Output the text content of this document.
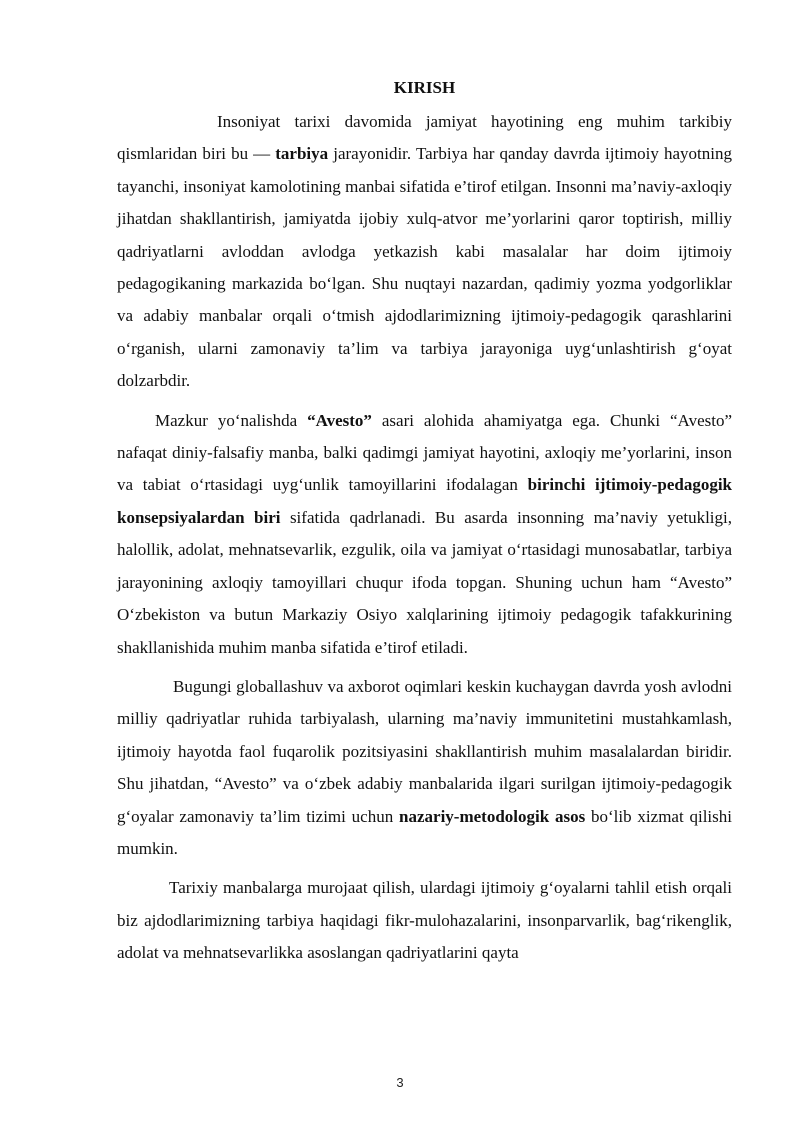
KIRISH

Insoniyat tarixi davomida jamiyat hayotining eng muhim tarkibiy qismlaridan biri bu — tarbiya jarayonidir. Tarbiya har qanday davrda ijtimoiy hayotning tayanchi, insoniyat kamolotining manbai sifatida e’tirof etilgan. Insonni ma’naviy-axloqiy jihatdan shakllantirish, jamiyatda ijobiy xulq-atvor me’yorlarini qaror toptirish, milliy qadriyatlarni avloddan avlodga yetkazish kabi masalalar har doim ijtimoiy pedagogikaning markazida bo‘lgan. Shu nuqtayi nazardan, qadimiy yozma yodgorliklar va adabiy manbalar orqali o‘tmish ajdodlarimizning ijtimoiy-pedagogik qarashlarini o‘rganish, ularni zamonaviy ta’lim va tarbiya jarayoniga uyg‘unlashtirish g‘oyat dolzarbdir.

Mazkur yo‘nalishda “Avesto” asari alohida ahamiyatga ega. Chunki “Avesto” nafaqat diniy-falsafiy manba, balki qadimgi jamiyat hayotini, axloqiy me’yorlarini, inson va tabiat o‘rtasidagi uyg‘unlik tamoyillarini ifodalagan birinchi ijtimoiy-pedagogik konsepsiyalardan biri sifatida qadrlanadi. Bu asarda insonning ma’naviy yetukligi, halollik, adolat, mehnatsevarlik, ezgulik, oila va jamiyat o‘rtasidagi munosabatlar, tarbiya jarayonining axloqiy tamoyillari chuqur ifoda topgan. Shuning uchun ham “Avesto” O‘zbekiston va butun Markaziy Osiyo xalqlarining ijtimoiy pedagogik tafakkurining shakllanishida muhim manba sifatida e’tirof etiladi.

Bugungi globallashuv va axborot oqimlari keskin kuchaygan davrda yosh avlodni milliy qadriyatlar ruhida tarbiyalash, ularning ma’naviy immunitetini mustahkamlash, ijtimoiy hayotda faol fuqarolik pozitsiyasini shakllantirish muhim masalalardan biridir. Shu jihatdan, “Avesto” va o‘zbek adabiy manbalarida ilgari surilgan ijtimoiy-pedagogik g‘oyalar zamonaviy ta’lim tizimi uchun nazariy-metodologik asos bo‘lib xizmat qilishi mumkin.

Tarixiy manbalarga murojaat qilish, ulardagi ijtimoiy g‘oyalarni tahlil etish orqali biz ajdodlarimizning tarbiya haqidagi fikr-mulohazalarini, insonparvarlik, bag‘rikenglik, adolat va mehnatsevarlikka asoslangan qadriyatlarini qayta

3
